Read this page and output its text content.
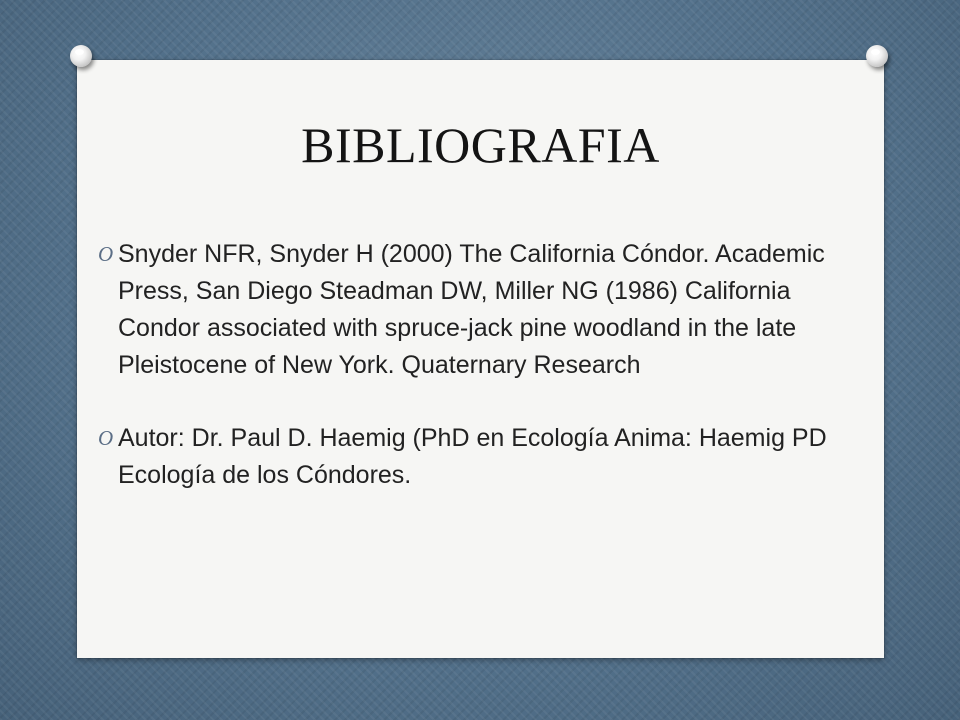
BIBLIOGRAFIA
O Snyder NFR, Snyder H (2000) The California Cóndor. Academic Press, San Diego Steadman DW, Miller NG (1986) California Condor associated with spruce-jack pine woodland in the late Pleistocene of New York. Quaternary Research
O Autor: Dr. Paul D. Haemig (PhD en Ecología Anima: Haemig PD Ecología de los Cóndores.
